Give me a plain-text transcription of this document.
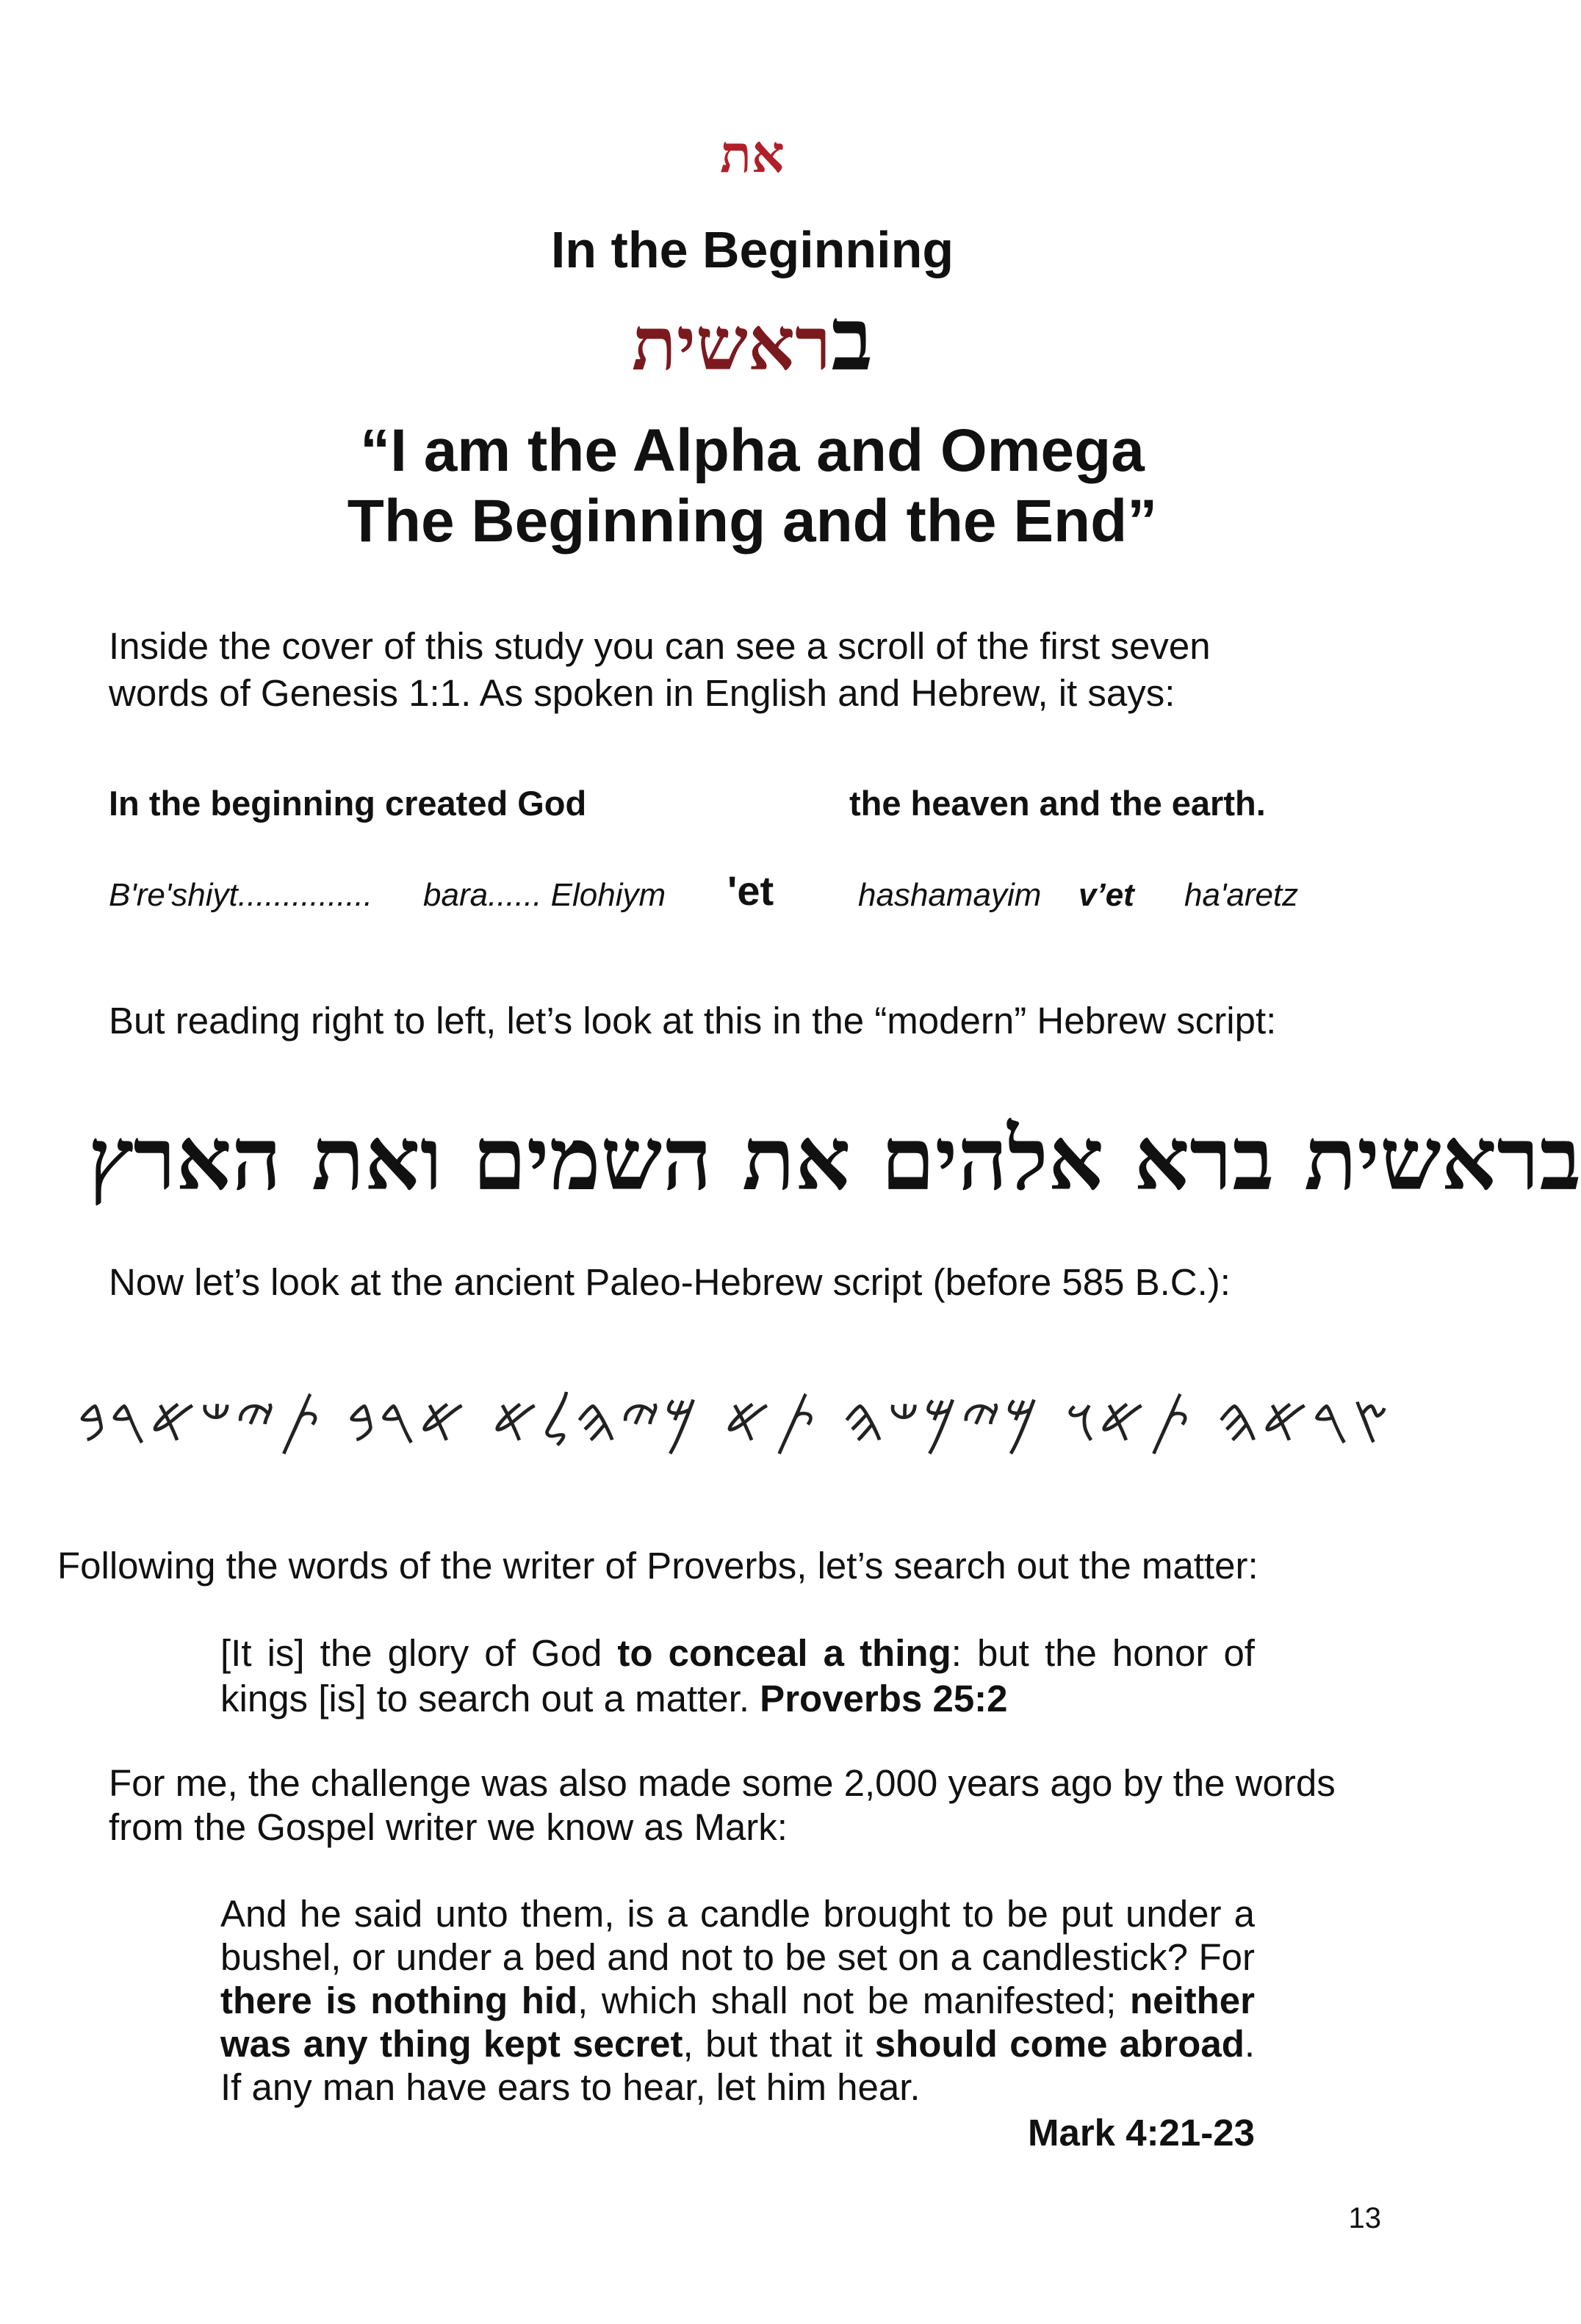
את
In the Beginning
בראשית
“I am the Alpha and Omega
The Beginning and the End”
Inside the cover of this study you can see a scroll of the first seven
words of Genesis 1:1. As spoken in English and Hebrew, it says:
In the beginning created God	the heaven and the earth.
B're'shiyt............... bara...... Elohiym 'et	hashamayim v’et ha'aretz
But reading right to left, let’s look at this in the “modern” Hebrew script:
בראשית ברא אלהים את השמים ואת הארץ
Now let’s look at the ancient Paleo-Hebrew script (before 585 B.C.):
𐤑𐤓𐤀𐤄 𐤕𐤀𐤅 𐤌𐤉𐤌𐤔𐤄 𐤕𐤀 𐤌𐤉𐤄𐤋𐤀 𐤀𐤓𐤁 𐤕𐤉𐤔𐤀𐤓𐤁
Following the words of the writer of Proverbs, let’s search out the matter:
[It is] the glory of God to conceal a thing: but the honor of kings [is] to search out a matter. Proverbs 25:2
For me, the challenge was also made some 2,000 years ago by the words
from the Gospel writer we know as Mark:
And he said unto them, is a candle brought to be put under a bushel, or under a bed and not to be set on a candlestick? For there is nothing hid, which shall not be manifested; neither was any thing kept secret, but that it should come abroad. If any man have ears to hear, let him hear.
Mark 4:21-23
13
